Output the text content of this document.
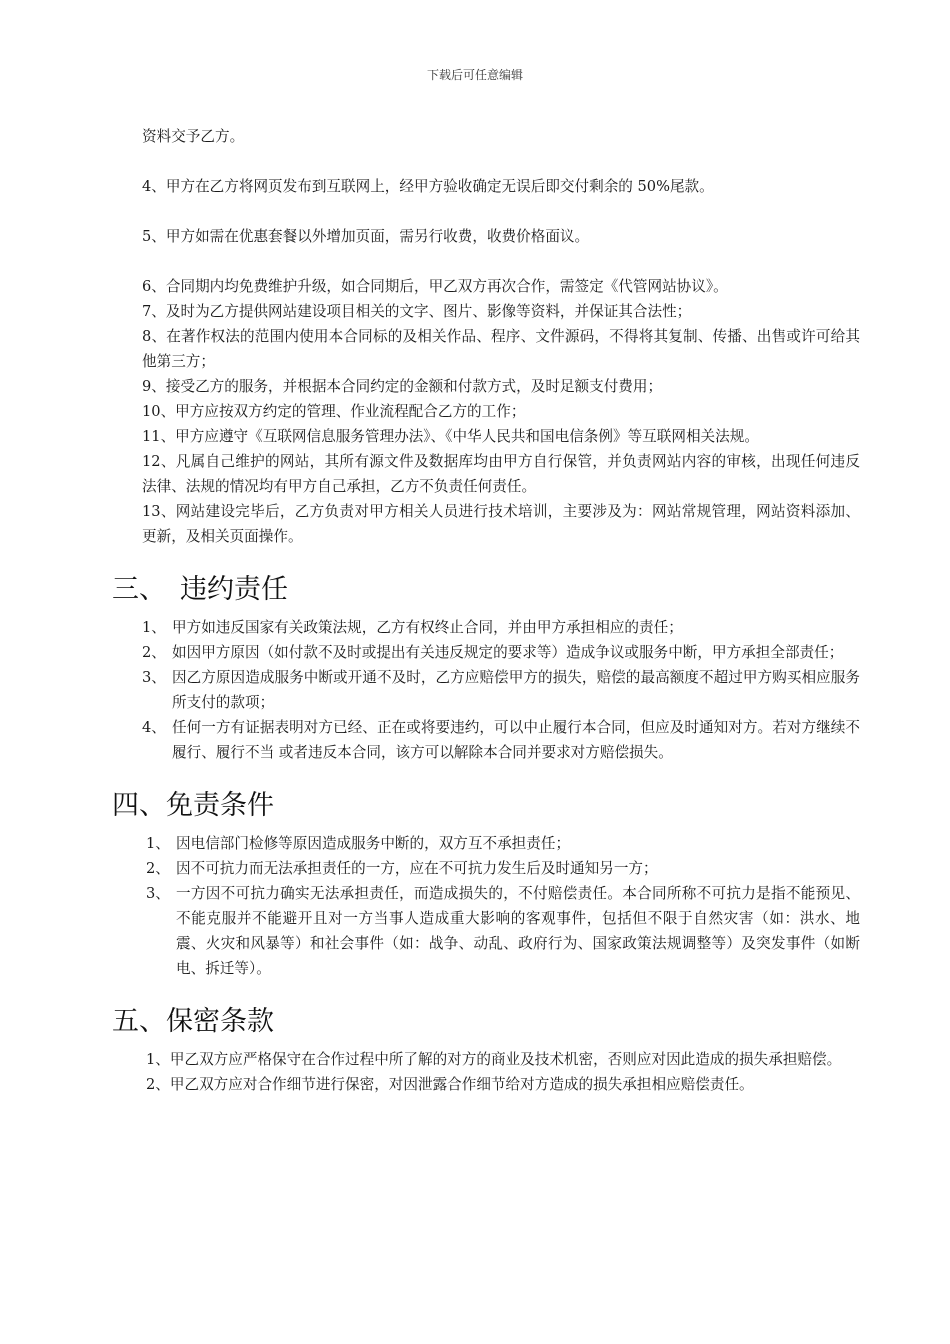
下载后可任意编辑
资料交予乙方。
4、甲方在乙方将网页发布到互联网上，经甲方验收确定无误后即交付剩余的 50%尾款。
5、甲方如需在优惠套餐以外增加页面，需另行收费，收费价格面议。
6、合同期内均免费维护升级，如合同期后，甲乙双方再次合作，需签定《代管网站协议》。
7、及时为乙方提供网站建设项目相关的文字、图片、影像等资料，并保证其合法性；
8、在著作权法的范围内使用本合同标的及相关作品、程序、文件源码，不得将其复制、传播、出售或许可给其他第三方；
9、接受乙方的服务，并根据本合同约定的金额和付款方式，及时足额支付费用；
10、甲方应按双方约定的管理、作业流程配合乙方的工作；
11、甲方应遵守《互联网信息服务管理办法》、《中华人民共和国电信条例》等互联网相关法规。
12、凡属自己维护的网站，其所有源文件及数据库均由甲方自行保管，并负责网站内容的审核，出现任何违反法律、法规的情况均有甲方自己承担，乙方不负责任何责任。
13、网站建设完毕后，乙方负责对甲方相关人员进行技术培训，主要涉及为：网站常规管理，网站资料添加、更新，及相关页面操作。
三、 违约责任
1、 甲方如违反国家有关政策法规，乙方有权终止合同，并由甲方承担相应的责任；
2、 如因甲方原因（如付款不及时或提出有关违反规定的要求等）造成争议或服务中断，甲方承担全部责任；
3、 因乙方原因造成服务中断或开通不及时，乙方应赔偿甲方的损失，赔偿的最高额度不超过甲方购买相应服务所支付的款项；
4、 任何一方有证据表明对方已经、正在或将要违约，可以中止履行本合同，但应及时通知对方。若对方继续不履行、履行不当 或者违反本合同，该方可以解除本合同并要求对方赔偿损失。
四、免责条件
1、 因电信部门检修等原因造成服务中断的，双方互不承担责任；
2、 因不可抗力而无法承担责任的一方，应在不可抗力发生后及时通知另一方；
3、 一方因不可抗力确实无法承担责任，而造成损失的，不付赔偿责任。本合同所称不可抗力是指不能预见、不能克服并不能避开且对一方当事人造成重大影响的客观事件，包括但不限于自然灾害（如：洪水、地震、火灾和风暴等）和社会事件（如：战争、动乱、政府行为、国家政策法规调整等）及突发事件（如断电、拆迁等）。
五、保密条款
1、甲乙双方应严格保守在合作过程中所了解的对方的商业及技术机密，否则应对因此造成的损失承担赔偿。
2、甲乙双方应对合作细节进行保密，对因泄露合作细节给对方造成的损失承担相应赔偿责任。
